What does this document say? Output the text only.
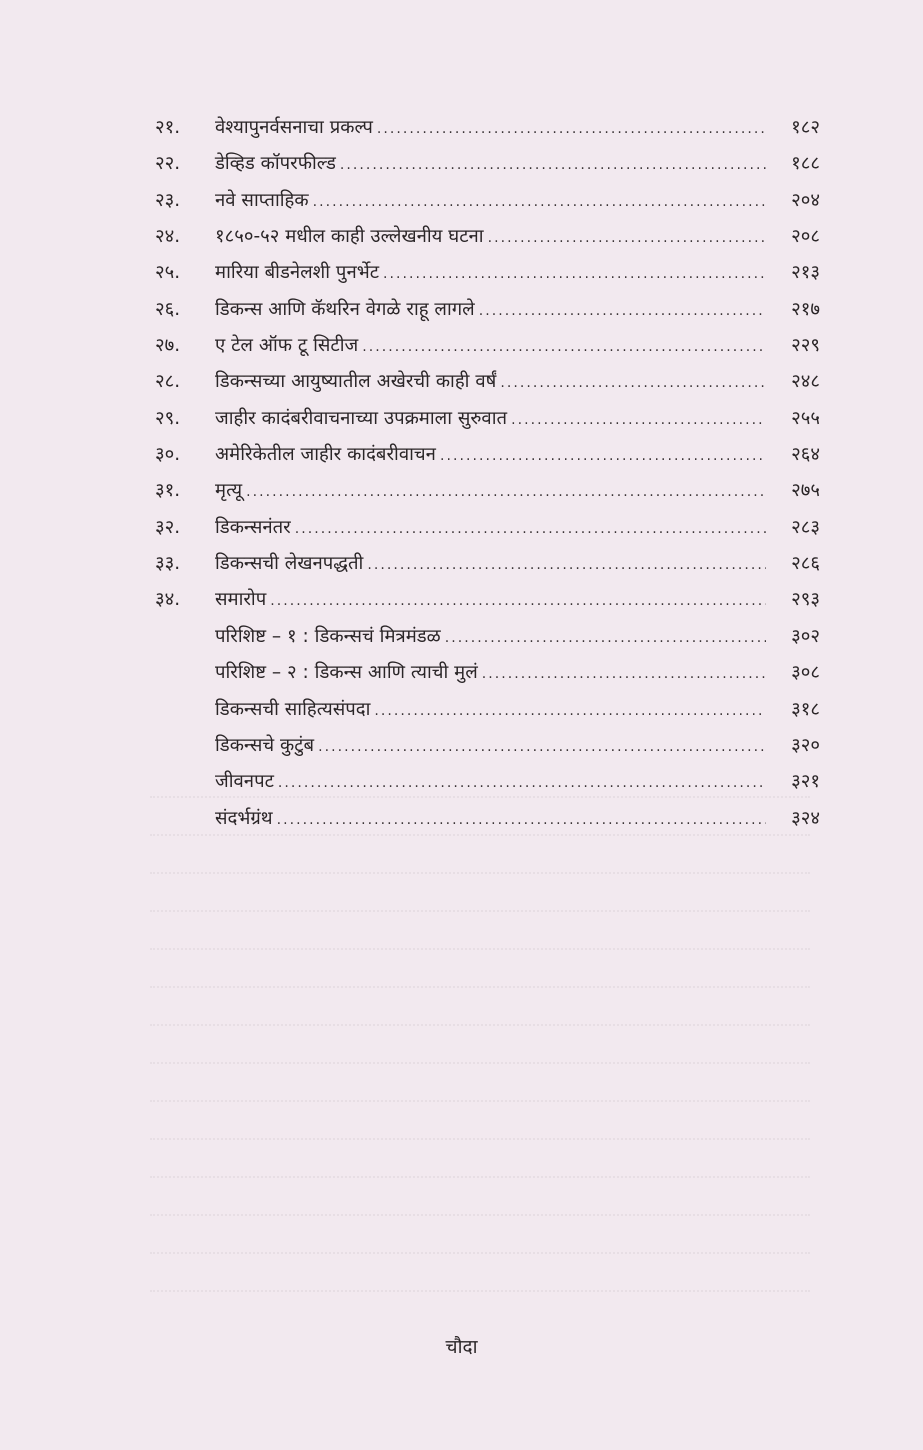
२१.	वेश्यापुनर्वसनाचा प्रकल्प . . .	१८२
२२.	डेव्हिड कॉपरफील्ड . . .	१८८
२३.	नवे साप्ताहिक . . .	२०४
२४.	१८५०-५२ मधील काही उल्लेखनीय घटना . . .	२०८
२५.	मारिया बीडनेलशी पुनर्भेट . . .	२१३
२६.	डिकन्स आणि कॅथरिन वेगळे राहू लागले . . .	२१७
२७.	ए टेल ऑफ टू सिटीज . . .	२२९
२८.	डिकन्सच्या आयुष्यातील अखेरची काही वर्षं . . .	२४८
२९.	जाहीर कादंबरीवाचनाच्या उपक्रमाला सुरुवात . . .	२५५
३०.	अमेरिकेतील जाहीर कादंबरीवाचन . . .	२६४
३१.	मृत्यू . . .	२७५
३२.	डिकन्सनंतर . . .	२८३
३३.	डिकन्सची लेखनपद्धती . . .	२८६
३४.	समारोप . . .	२९३
परिशिष्ट – १ : डिकन्सचं मित्रमंडळ . . .	३०२
परिशिष्ट – २ : डिकन्स आणि त्याची मुलं . . .	३०८
डिकन्सची साहित्यसंपदा . . .	३१८
डिकन्सचे कुटुंब . . .	३२०
जीवनपट . . .	३२१
संदर्भग्रंथ . . .	३२४
चौदा
